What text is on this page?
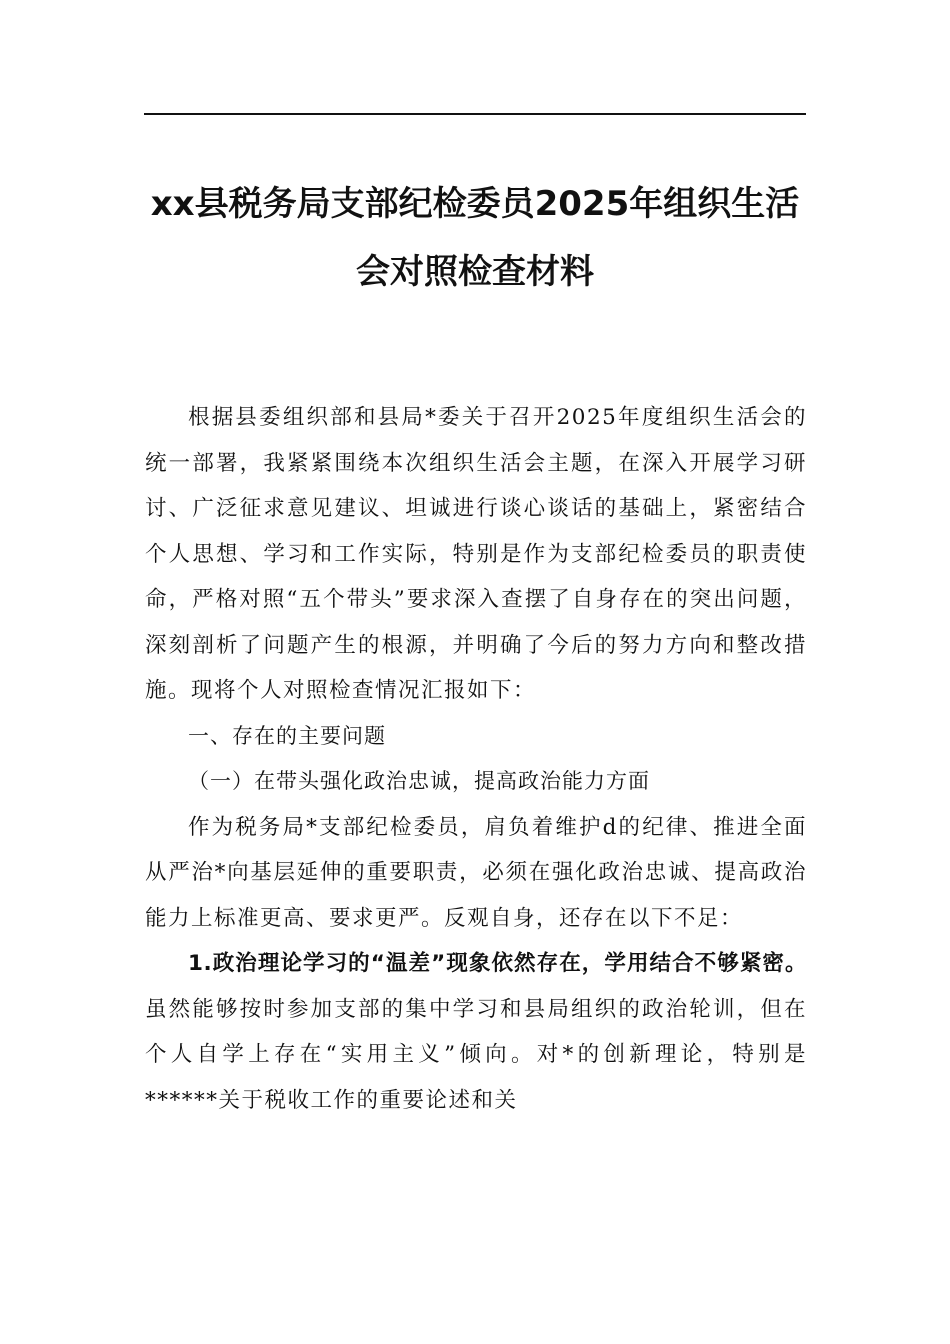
xx县税务局支部纪检委员2025年组织生活
会对照检查材料

根据县委组织部和县局*委关于召开2025年度组织生活会的统一部署，我紧紧围绕本次组织生活会主题，在深入开展学习研讨、广泛征求意见建议、坦诚进行谈心谈话的基础上，紧密结合个人思想、学习和工作实际，特别是作为支部纪检委员的职责使命，严格对照“五个带头”要求深入查摆了自身存在的突出问题，深刻剖析了问题产生的根源，并明确了今后的努力方向和整改措施。现将个人对照检查情况汇报如下：

一、存在的主要问题

（一）在带头强化政治忠诚，提高政治能力方面

作为税务局*支部纪检委员，肩负着维护d的纪律、推进全面从严治*向基层延伸的重要职责，必须在强化政治忠诚、提高政治能力上标准更高、要求更严。反观自身，还存在以下不足：

1.政治理论学习的“温差”现象依然存在，学用结合不够紧密。虽然能够按时参加支部的集中学习和县局组织的政治轮训，但在个人自学上存在“实用主义”倾向。对*的创新理论，特别是******关于税收工作的重要论述和关
